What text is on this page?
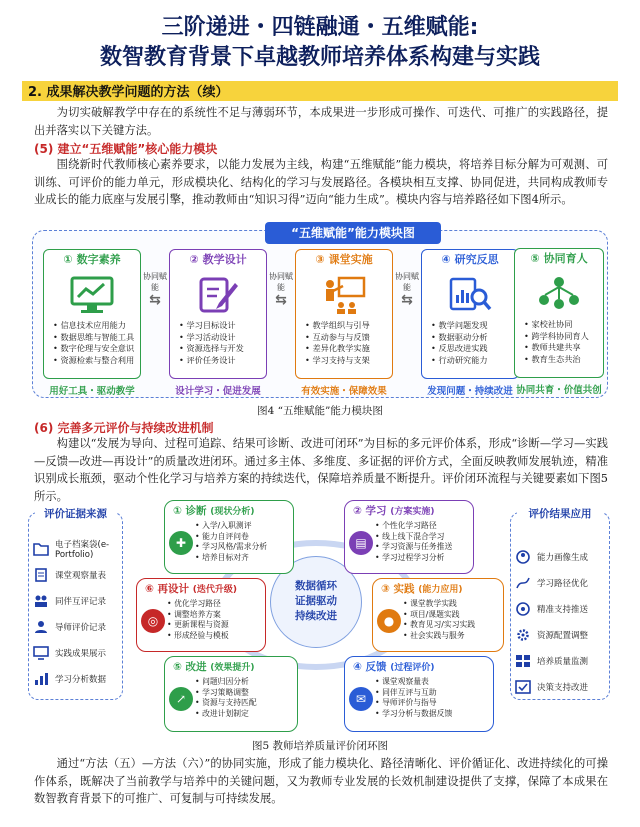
三阶递进・四链融通・五维赋能:
数智教育背景下卓越教师培养体系构建与实践
2. 成果解决教学问题的方法（续）
为切实破解教学中存在的系统性不足与薄弱环节，本成果进一步形成可操作、可迭代、可推广的实践路径，提出并落实以下关键方法。
(5) 建立“五维赋能”核心能力模块
围绕新时代教师核心素养要求，以能力发展为主线，构建“五维赋能”能力模块，将培养目标分解为可观测、可训练、可评价的能力单元，形成模块化、结构化的学习与发展路径。各模块相互支撑、协同促进，共同构成教师专业成长的能力底座与发展引擎，推动教师由“知识习得”迈向“能力生成”。模块内容与培养路径如下图4所示。
“五维赋能”能力模块图
① 数字素养
• 信息技术应用能力
• 数据思维与智能工具
• 数字伦理与安全意识
• 资源检索与整合利用
用好工具・驱动教学
协同赋能
⇆
② 教学设计
• 学习目标设计
• 学习活动设计
• 资源选择与开发
• 评价任务设计
设计学习・促进发展
协同赋能
⇆
③ 课堂实施
• 教学组织与引导
• 互动参与与反馈
• 差异化教学实施
• 学习支持与支架
有效实施・保障效果
协同赋能
⇆
④ 研究反思
• 教学问题发现
• 数据驱动分析
• 反思改进实践
• 行动研究能力
发现问题・持续改进
⑤ 协同育人
• 家校社协同
• 跨学科协同育人
• 教师共建共享
• 教育生态共治
协同共育・价值共创
图4 “五维赋能”能力模块图
(6) 完善多元评价与持续改进机制
构建以“发展为导向、过程可追踪、结果可诊断、改进可闭环”为目标的多元评价体系，形成“诊断—学习—实践—反馈—改进—再设计”的质量改进闭环。通过多主体、多维度、多证据的评价方式，全面反映教师发展轨迹，精准识别成长瓶颈，驱动个性化学习与培养方案的持续迭代，保障培养质量不断提升。评价闭环流程与关键要素如下图5所示。
评价证据来源
电子档案袋(e-Portfolio)
课堂观察量表
同伴互评记录
导师评价记录
实践成果展示
学习分析数据
评价结果应用
能力画像生成
学习路径优化
精准支持推送
资源配置调整
培养质量监测
决策支持改进
数据循环
证据驱动
持续改进
① 诊断 (现状分析)
✚
• 入学/入职测评
• 能力自评问卷
• 学习风格/需求分析
• 培养目标对齐
② 学习 (方案实施)
▤
• 个性化学习路径
• 线上线下混合学习
• 学习资源与任务推送
• 学习过程学习分析
③ 实践 (能力应用)
●
• 课堂教学实践
• 项目/课题实践
• 教育见习/实习实践
• 社会实践与服务
④ 反馈 (过程评价)
✉
• 课堂观察量表
• 同伴互评与互助
• 导师评价与指导
• 学习分析与数据反馈
⑤ 改进 (效果提升)
↗
• 问题归因分析
• 学习策略调整
• 资源与支持匹配
• 改进计划制定
⑥ 再设计 (迭代升级)
◎
• 优化学习路径
• 调整培养方案
• 更新课程与资源
• 形成经验与模板
图5 教师培养质量评价闭环图
通过“方法（五）—方法（六）”的协同实施，形成了能力模块化、路径清晰化、评价循证化、改进持续化的可操作体系，既解决了当前教学与培养中的关键问题，又为教师专业发展的长效机制建设提供了支撑，保障了本成果在数智教育背景下的可推广、可复制与可持续发展。
